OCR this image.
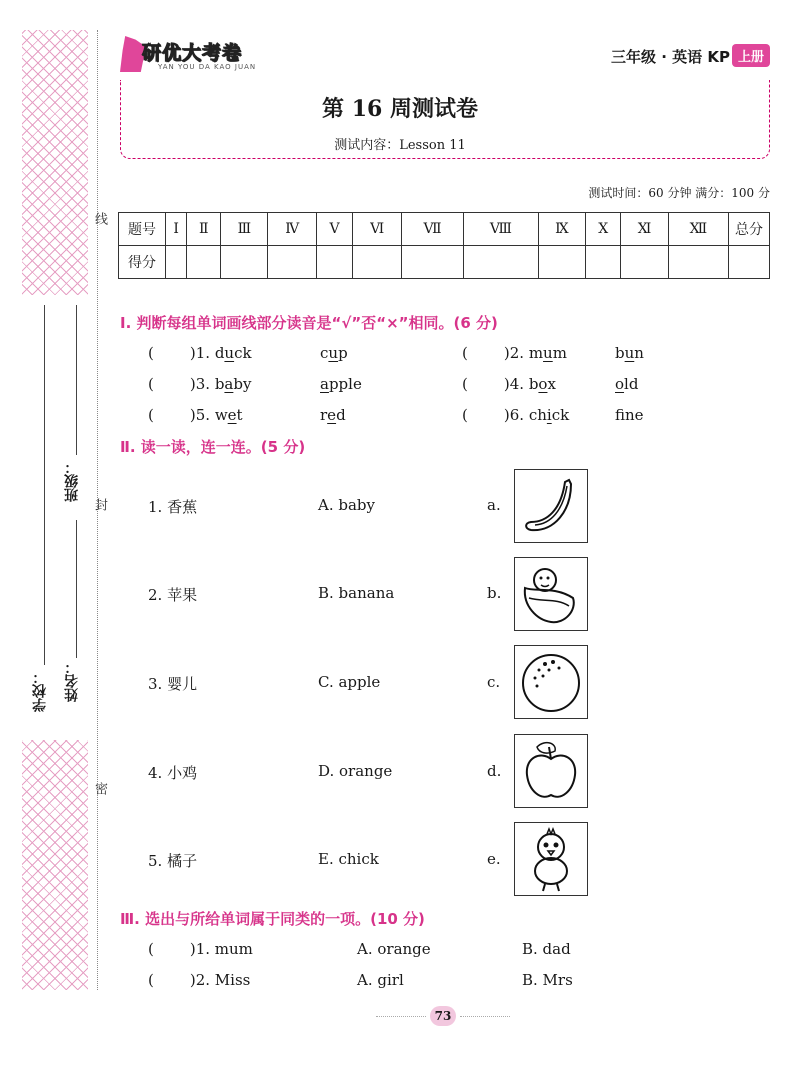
线
封
密
学校： 姓名：
班级：
研优大考卷
YAN YOU DA KAO JUAN
三年级 · 英语 KP 上册
第 16 周测试卷
测试内容：Lesson 11
测试时间：60 分钟 满分：100 分
题号	Ⅰ	Ⅱ	Ⅲ	Ⅳ	Ⅴ	Ⅵ	Ⅶ	Ⅷ	Ⅸ	Ⅹ	Ⅺ	Ⅻ	总分
得分													
Ⅰ. 判断每组单词画线部分读音是“√”否“×”相同。(6 分)
( )1. duck	cup	( )2. mum	bun
( )3. baby	apple	( )4. box	old
( )5. wet	red	( )6. chick	fne
Ⅱ. 读一读，连一连。(5 分)
1. 香蕉	A. baby	a.
2. 苹果	B. banana	b.
3. 婴儿	C. apple	c.
4. 小鸡	D. orange	d.
5. 橘子	E. chick	e.
Ⅲ. 选出与所给单词属于同类的一项。(10 分)
( )1. mum	A. orange	B. dad
( )2. Miss	A. girl	B. Mrs
73
